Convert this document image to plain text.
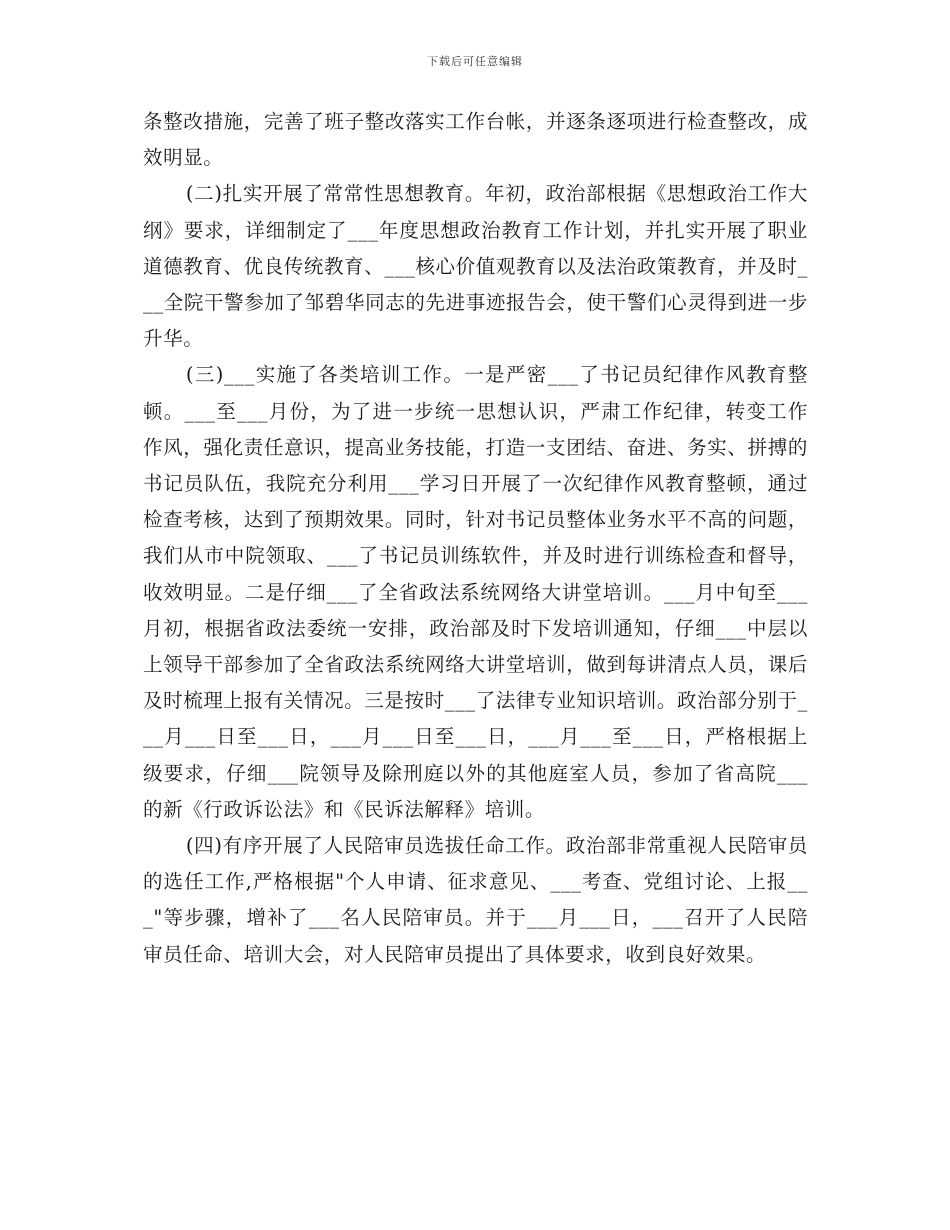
下载后可任意编辑

条整改措施，完善了班子整改落实工作台帐，并逐条逐项进行检查整改，成效明显。

(二)扎实开展了常常性思想教育。年初，政治部根据《思想政治工作大纲》要求，详细制定了___年度思想政治教育工作计划，并扎实开展了职业道德教育、优良传统教育、___核心价值观教育以及法治政策教育，并及时___全院干警参加了邹碧华同志的先进事迹报告会，使干警们心灵得到进一步升华。

(三)___实施了各类培训工作。一是严密___了书记员纪律作风教育整顿。___至___月份，为了进一步统一思想认识，严肃工作纪律，转变工作作风，强化责任意识，提高业务技能，打造一支团结、奋进、务实、拼搏的书记员队伍，我院充分利用___学习日开展了一次纪律作风教育整顿，通过检查考核，达到了预期效果。同时，针对书记员整体业务水平不高的问题，我们从市中院领取、___了书记员训练软件，并及时进行训练检查和督导，收效明显。二是仔细___了全省政法系统网络大讲堂培训。___月中旬至___月初，根据省政法委统一安排，政治部及时下发培训通知，仔细___中层以上领导干部参加了全省政法系统网络大讲堂培训，做到每讲清点人员，课后及时梳理上报有关情况。三是按时___了法律专业知识培训。政治部分别于___月___日至___日，___月___日至___日，___月___至___日，严格根据上级要求，仔细___院领导及除刑庭以外的其他庭室人员，参加了省高院___的新《行政诉讼法》和《民诉法解释》培训。

(四)有序开展了人民陪审员选拔任命工作。政治部非常重视人民陪审员的选任工作,严格根据"个人申请、征求意见、___考查、党组讨论、上报___"等步骤，增补了___名人民陪审员。并于___月___日，___召开了人民陪审员任命、培训大会，对人民陪审员提出了具体要求，收到良好效果。
